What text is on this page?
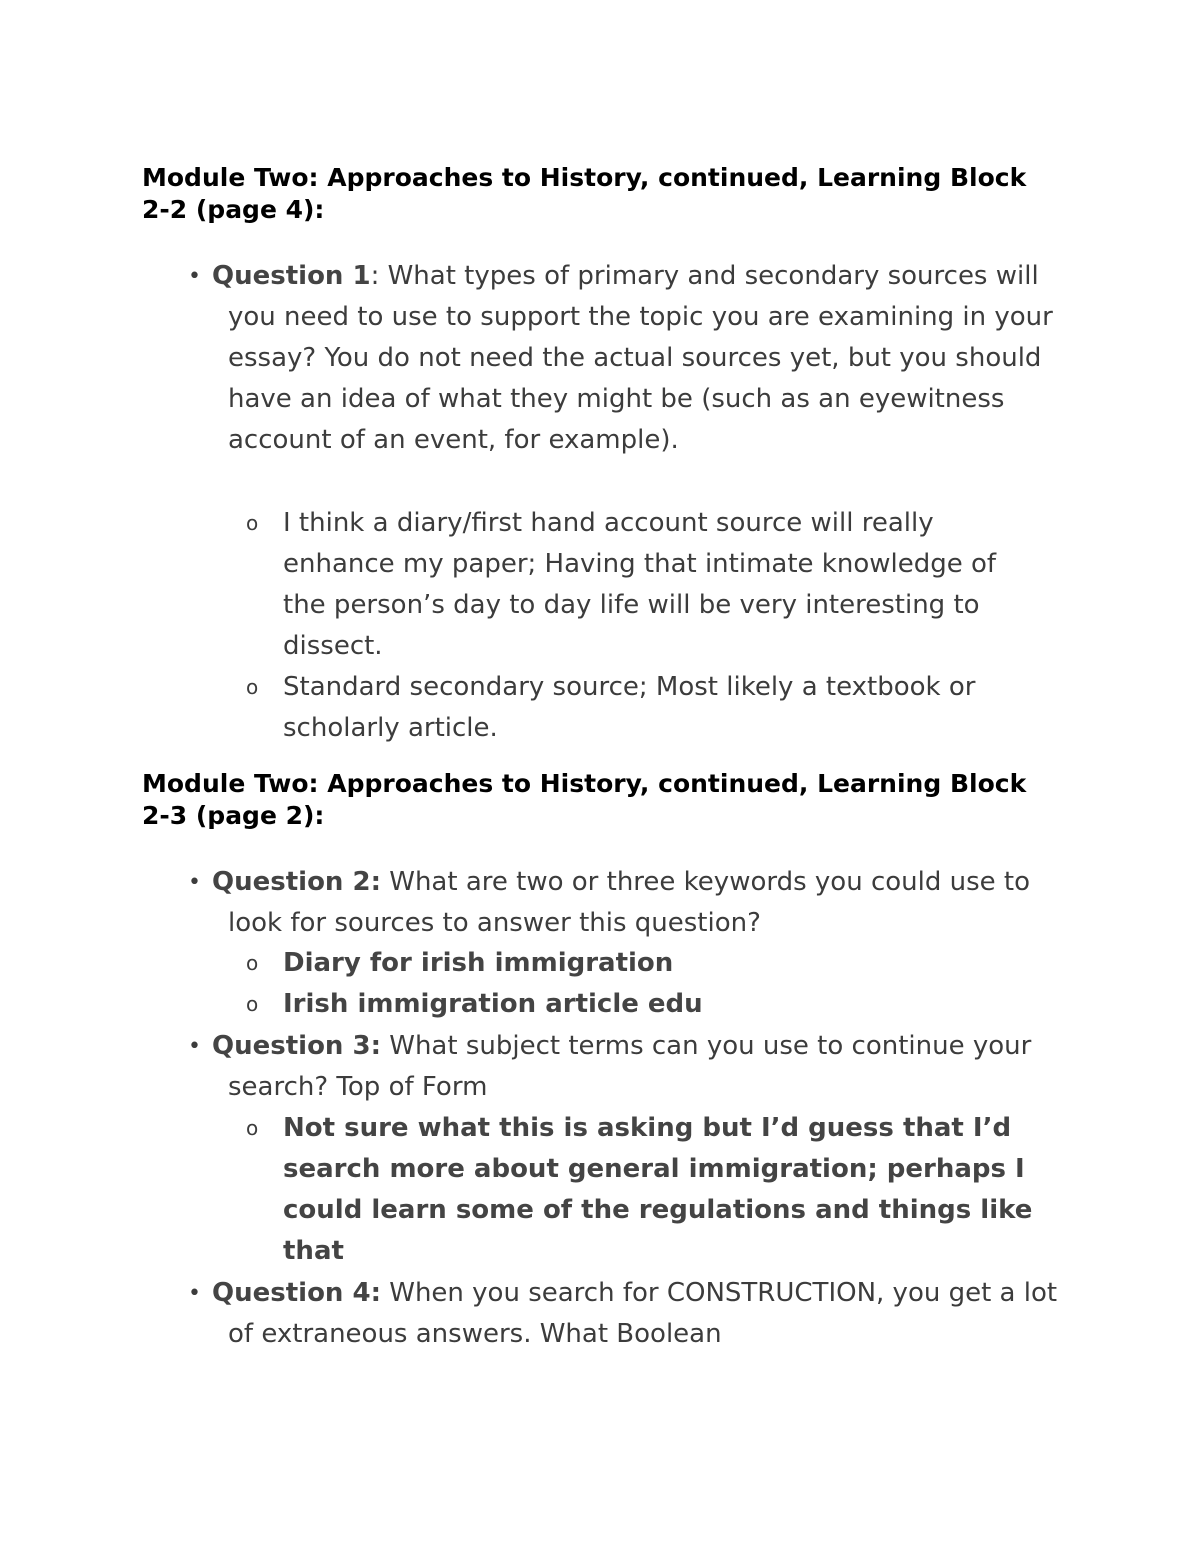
Module Two: Approaches to History, continued, Learning Block 2-2 (page 4):
• Question 1: What types of primary and secondary sources will you need to use to support the topic you are examining in your essay? You do not need the actual sources yet, but you should have an idea of what they might be (such as an eyewitness account of an event, for example).
o I think a diary/first hand account source will really enhance my paper; Having that intimate knowledge of the person’s day to day life will be very interesting to dissect.
o Standard secondary source; Most likely a textbook or scholarly article.
Module Two: Approaches to History, continued, Learning Block 2-3 (page 2):
• Question 2: What are two or three keywords you could use to look for sources to answer this question?
o Diary for irish immigration
o Irish immigration article edu
• Question 3: What subject terms can you use to continue your search? Top of Form
o Not sure what this is asking but I’d guess that I’d search more about general immigration; perhaps I could learn some of the regulations and things like that
• Question 4: When you search for CONSTRUCTION, you get a lot of extraneous answers. What Boolean
